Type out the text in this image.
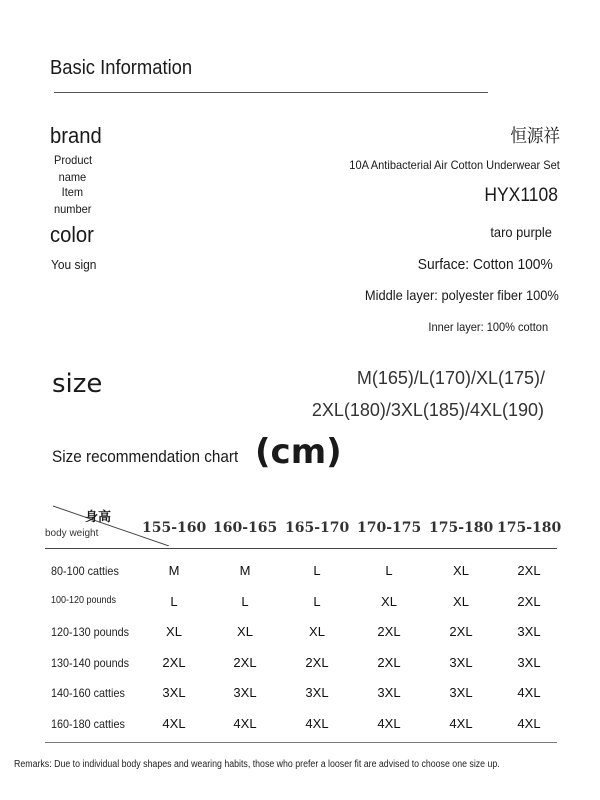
Basic Information
brand	恒源祥
Product
name
10A Antibacterial Air Cotton Underwear Set
Item
number
HYX1108
color	taro purple
You sign	Surface: Cotton 100%
Middle layer: polyester fiber 100%
Inner layer: 100% cotton
size	M(165)/L(170)/XL(175)/
2XL(180)/3XL(185)/4XL(190)
Size recommendation chart (cm)
身高
body weight	155-160 160-165 165-170 170-175 175-180 175-180
80-100 catties	M	M	L	L	XL	2XL
100-120 pounds	L	L	L	XL	XL	2XL
120-130 pounds	XL	XL	XL	2XL	2XL	3XL
130-140 pounds	2XL	2XL	2XL	2XL	3XL	3XL
140-160 catties	3XL	3XL	3XL	3XL	3XL	4XL
160-180 catties	4XL	4XL	4XL	4XL	4XL	4XL
Remarks: Due to individual body shapes and wearing habits, those who prefer a looser fit are advised to choose one size up.
